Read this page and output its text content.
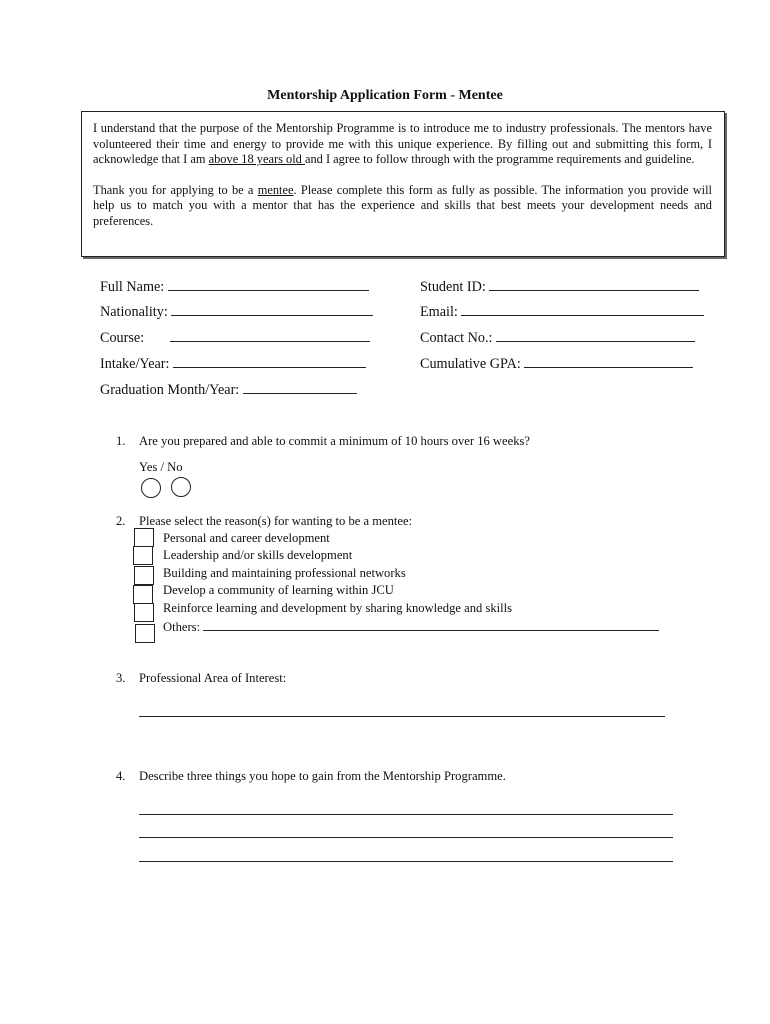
Mentorship Application Form - Mentee

I understand that the purpose of the Mentorship Programme is to introduce me to industry professionals. The mentors have volunteered their time and energy to provide me with this unique experience. By filling out and submitting this form, I acknowledge that I am above 18 years old and I agree to follow through with the programme requirements and guideline.

Thank you for applying to be a mentee. Please complete this form as fully as possible. The information you provide will help us to match you with a mentor that has the experience and skills that best meets your development needs and preferences.

Full Name:
Nationality:
Course:
Intake/Year:
Graduation Month/Year:
Student ID:
Email:
Contact No.:
Cumulative GPA:
1. Are you prepared and able to commit a minimum of 10 hours over 16 weeks?
Yes / No
2. Please select the reason(s) for wanting to be a mentee:
Personal and career development
Leadership and/or skills development
Building and maintaining professional networks
Develop a community of learning within JCU
Reinforce learning and development by sharing knowledge and skills
Others:
3. Professional Area of Interest:
4. Describe three things you hope to gain from the Mentorship Programme.
